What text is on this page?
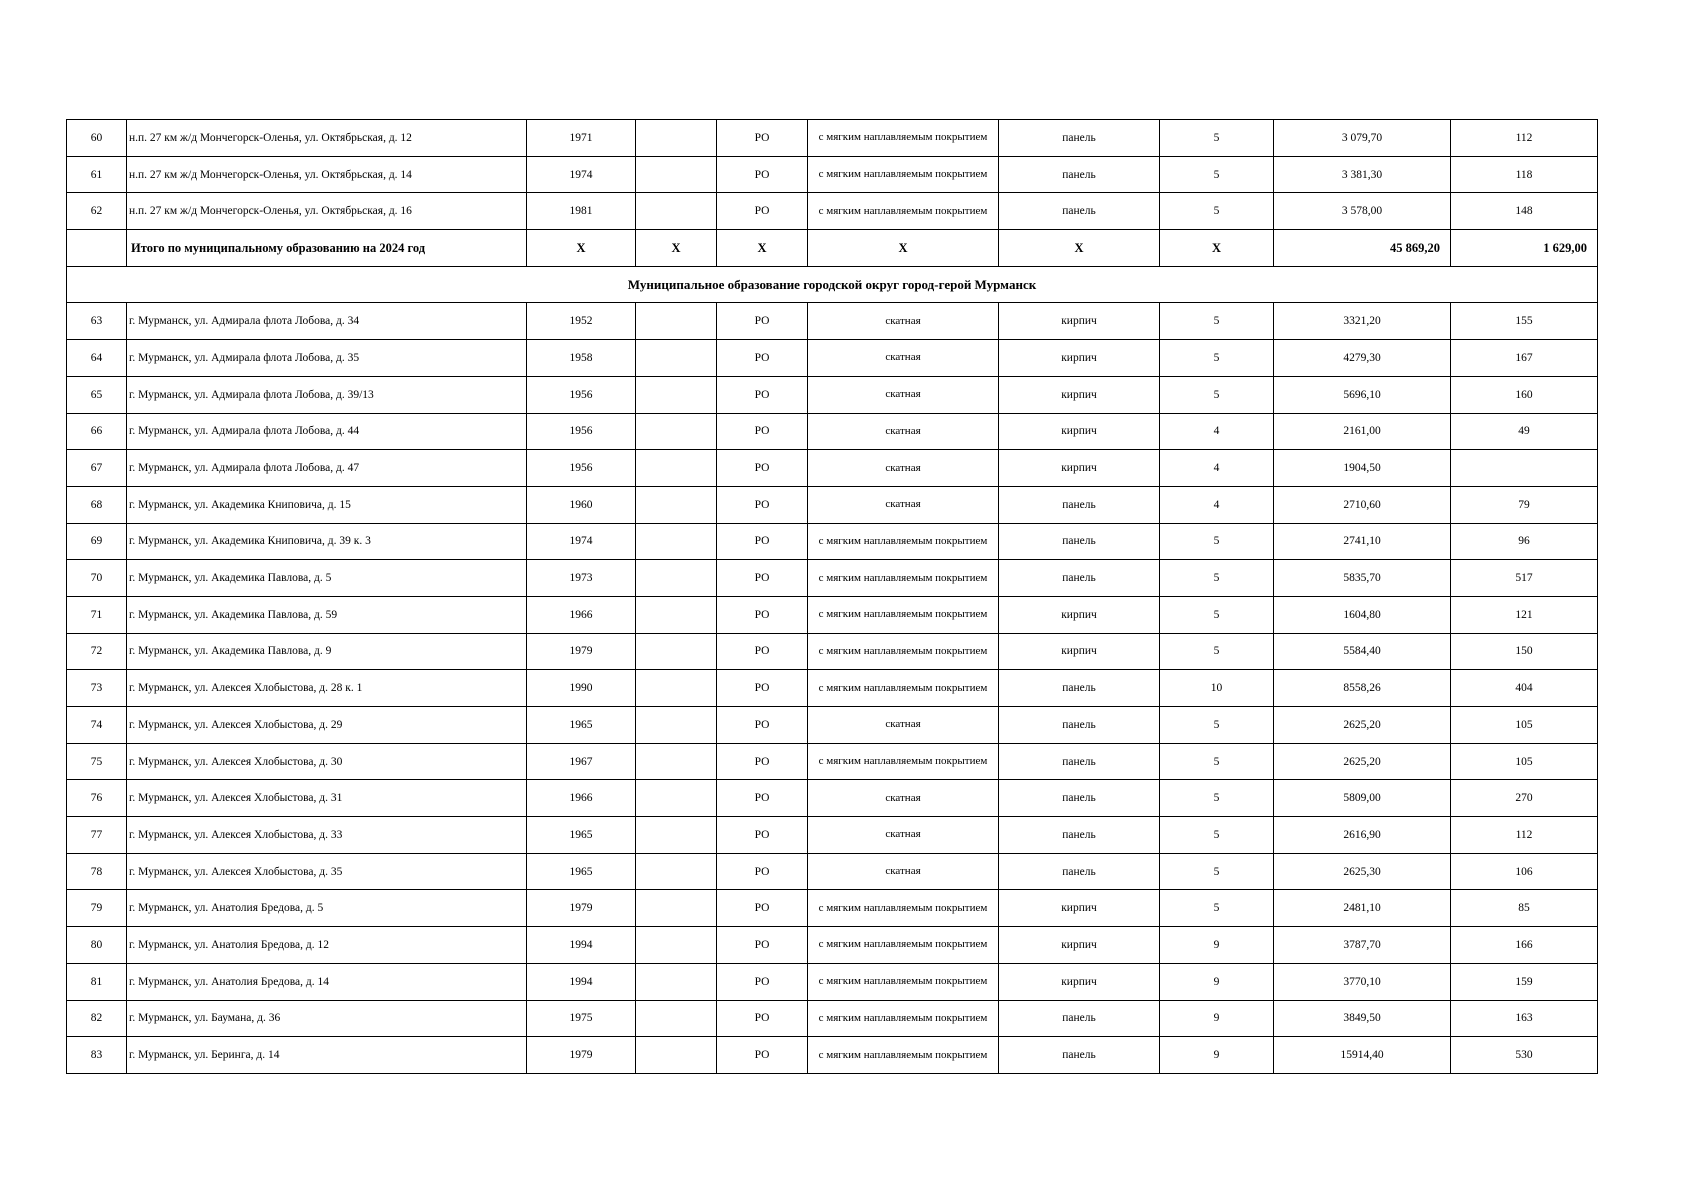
60	н.п. 27 км ж/д Мончегорск-Оленья, ул. Октябрьская, д. 12	1971		РО	с мягким наплавляемым покрытием	панель	5	3 079,70	112
61	н.п. 27 км ж/д Мончегорск-Оленья, ул. Октябрьская, д. 14	1974		РО	с мягким наплавляемым покрытием	панель	5	3 381,30	118
62	н.п. 27 км ж/д Мончегорск-Оленья, ул. Октябрьская, д. 16	1981		РО	с мягким наплавляемым покрытием	панель	5	3 578,00	148
	Итого по муниципальному образованию на 2024 год	X	X	X	X	X	X	45 869,20	1 629,00
Муниципальное образование городской округ город-герой Мурманск									
63	г. Мурманск, ул. Адмирала флота Лобова, д. 34	1952		РО	скатная	кирпич	5	3321,20	155
64	г. Мурманск, ул. Адмирала флота Лобова, д. 35	1958		РО	скатная	кирпич	5	4279,30	167
65	г. Мурманск, ул. Адмирала флота Лобова, д. 39/13	1956		РО	скатная	кирпич	5	5696,10	160
66	г. Мурманск, ул. Адмирала флота Лобова, д. 44	1956		РО	скатная	кирпич	4	2161,00	49
67	г. Мурманск, ул. Адмирала флота Лобова, д. 47	1956		РО	скатная	кирпич	4	1904,50	
68	г. Мурманск, ул. Академика Книповича, д. 15	1960		РО	скатная	панель	4	2710,60	79
69	г. Мурманск, ул. Академика Книповича, д. 39 к. 3	1974		РО	с мягким наплавляемым покрытием	панель	5	2741,10	96
70	г. Мурманск, ул. Академика Павлова, д. 5	1973		РО	с мягким наплавляемым покрытием	панель	5	5835,70	517
71	г. Мурманск, ул. Академика Павлова, д. 59	1966		РО	с мягким наплавляемым покрытием	кирпич	5	1604,80	121
72	г. Мурманск, ул. Академика Павлова, д. 9	1979		РО	с мягким наплавляемым покрытием	кирпич	5	5584,40	150
73	г. Мурманск, ул. Алексея Хлобыстова, д. 28 к. 1	1990		РО	с мягким наплавляемым покрытием	панель	10	8558,26	404
74	г. Мурманск, ул. Алексея Хлобыстова, д. 29	1965		РО	скатная	панель	5	2625,20	105
75	г. Мурманск, ул. Алексея Хлобыстова, д. 30	1967		РО	с мягким наплавляемым покрытием	панель	5	2625,20	105
76	г. Мурманск, ул. Алексея Хлобыстова, д. 31	1966		РО	скатная	панель	5	5809,00	270
77	г. Мурманск, ул. Алексея Хлобыстова, д. 33	1965		РО	скатная	панель	5	2616,90	112
78	г. Мурманск, ул. Алексея Хлобыстова, д. 35	1965		РО	скатная	панель	5	2625,30	106
79	г. Мурманск, ул. Анатолия Бредова, д. 5	1979		РО	с мягким наплавляемым покрытием	кирпич	5	2481,10	85
80	г. Мурманск, ул. Анатолия Бредова, д. 12	1994		РО	с мягким наплавляемым покрытием	кирпич	9	3787,70	166
81	г. Мурманск, ул. Анатолия Бредова, д. 14	1994		РО	с мягким наплавляемым покрытием	кирпич	9	3770,10	159
82	г. Мурманск, ул. Баумана, д. 36	1975		РО	с мягким наплавляемым покрытием	панель	9	3849,50	163
83	г. Мурманск, ул. Беринга, д. 14	1979		РО	с мягким наплавляемым покрытием	панель	9	15914,40	530
